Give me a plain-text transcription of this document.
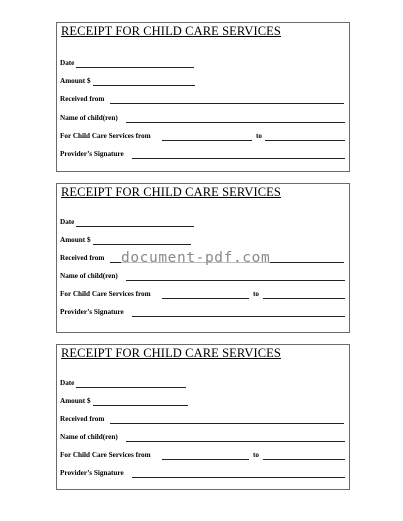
RECEIPT FOR CHILD CARE SERVICES
Date
Amount $
Received from
Name of child(ren)
For Child Care Services from	to
Provider’s Signature
RECEIPT FOR CHILD CARE SERVICES
Date
Amount $
Received from
Name of child(ren)
For Child Care Services from	to
Provider’s Signature
RECEIPT FOR CHILD CARE SERVICES
Date
Amount $
Received from
Name of child(ren)
For Child Care Services from	to
Provider’s Signature
document-pdf.com
